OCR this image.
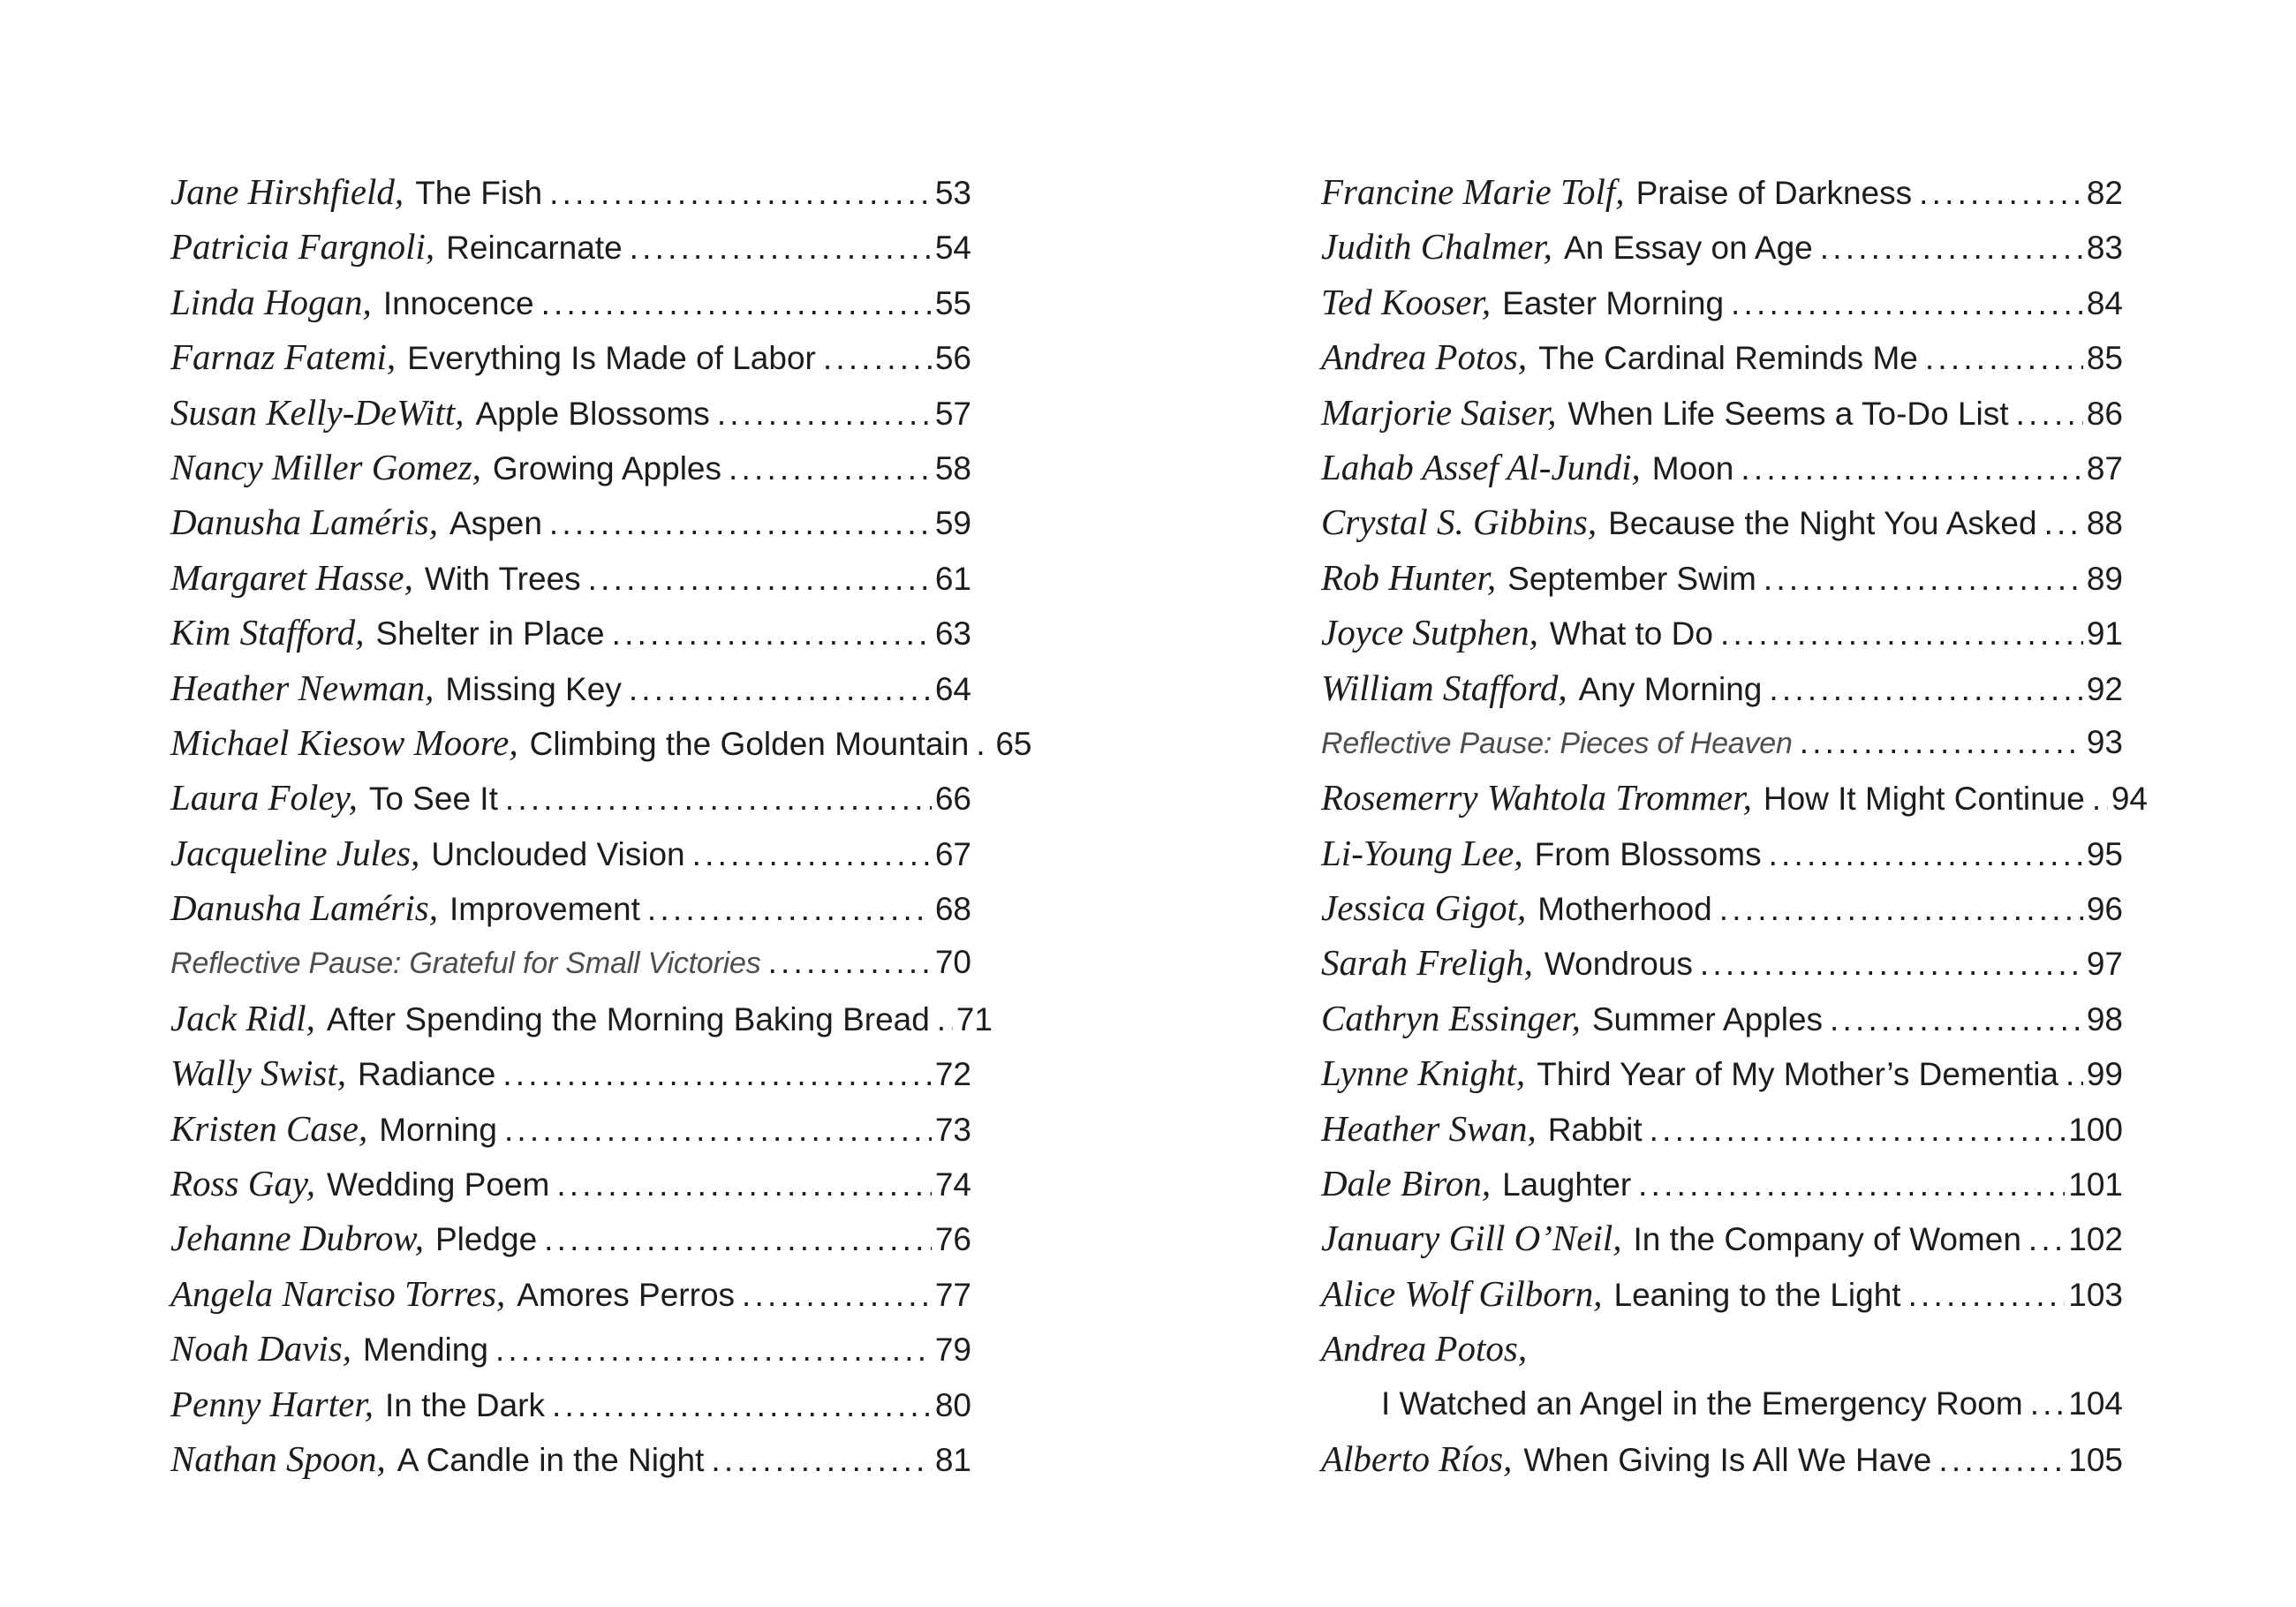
Jane Hirshfield, The Fish .....	53
Patricia Fargnoli, Reincarnate .....	54
Linda Hogan, Innocence .....	55
Farnaz Fatemi, Everything Is Made of Labor .....	56
Susan Kelly-DeWitt, Apple Blossoms .....	57
Nancy Miller Gomez, Growing Apples .....	58
Danusha Laméris, Aspen .....	59
Margaret Hasse, With Trees .....	61
Kim Stafford, Shelter in Place .....	63
Heather Newman, Missing Key .....	64
Michael Kiesow Moore, Climbing the Golden Mountain ..... 65
Laura Foley, To See It .....	66
Jacqueline Jules, Unclouded Vision .....	67
Danusha Laméris, Improvement .....	68
Reflective Pause: Grateful for Small Victories .....	70
Jack Ridl, After Spending the Morning Baking Bread ..... 71
Wally Swist, Radiance .....	72
Kristen Case, Morning .....	73
Ross Gay, Wedding Poem .....	74
Jehanne Dubrow, Pledge .....	76
Angela Narciso Torres, Amores Perros .....	77
Noah Davis, Mending .....	79
Penny Harter, In the Dark .....	80
Nathan Spoon, A Candle in the Night .....	81
Francine Marie Tolf, Praise of Darkness .....	82
Judith Chalmer, An Essay on Age .....	83
Ted Kooser, Easter Morning .....	84
Andrea Potos, The Cardinal Reminds Me .....	85
Marjorie Saiser, When Life Seems a To-Do List ..... 86
Lahab Assef Al-Jundi, Moon .....	87
Crystal S. Gibbins, Because the Night You Asked ..... 88
Rob Hunter, September Swim .....	89
Joyce Sutphen, What to Do .....	91
William Stafford, Any Morning .....	92
Reflective Pause: Pieces of Heaven .....	93
Rosemerry Wahtola Trommer, How It Might Continue ..... 94
Li-Young Lee, From Blossoms .....	95
Jessica Gigot, Motherhood .....	96
Sarah Freligh, Wondrous .....	97
Cathryn Essinger, Summer Apples .....	98
Lynne Knight, Third Year of My Mother’s Dementia ..... 99
Heather Swan, Rabbit .....	100
Dale Biron, Laughter .....	101
January Gill O’Neil, In the Company of Women ..... 102
Alice Wolf Gilborn, Leaning to the Light .....	103
Andrea Potos,
I Watched an Angel in the Emergency Room ..... 104
Alberto Ríos, When Giving Is All We Have .....	105
